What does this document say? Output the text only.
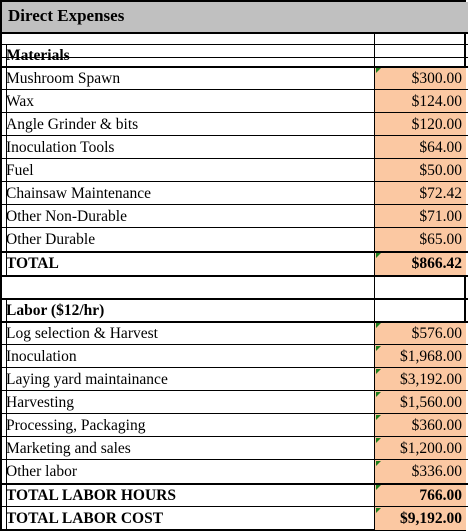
Direct Expenses
Materials
Mushroom Spawn	$300.00
Wax	$124.00
Angle Grinder & bits	$120.00
Inoculation Tools	$64.00
Fuel	$50.00
Chainsaw Maintenance	$72.42
Other Non-Durable	$71.00
Other Durable	$65.00
TOTAL	$866.42
Labor ($12/hr)
Log selection & Harvest	$576.00
Inoculation	$1,968.00
Laying yard maintainance	$3,192.00
Harvesting	$1,560.00
Processing, Packaging	$360.00
Marketing and sales	$1,200.00
Other labor	$336.00
TOTAL LABOR HOURS	766.00
TOTAL LABOR COST	$9,192.00
